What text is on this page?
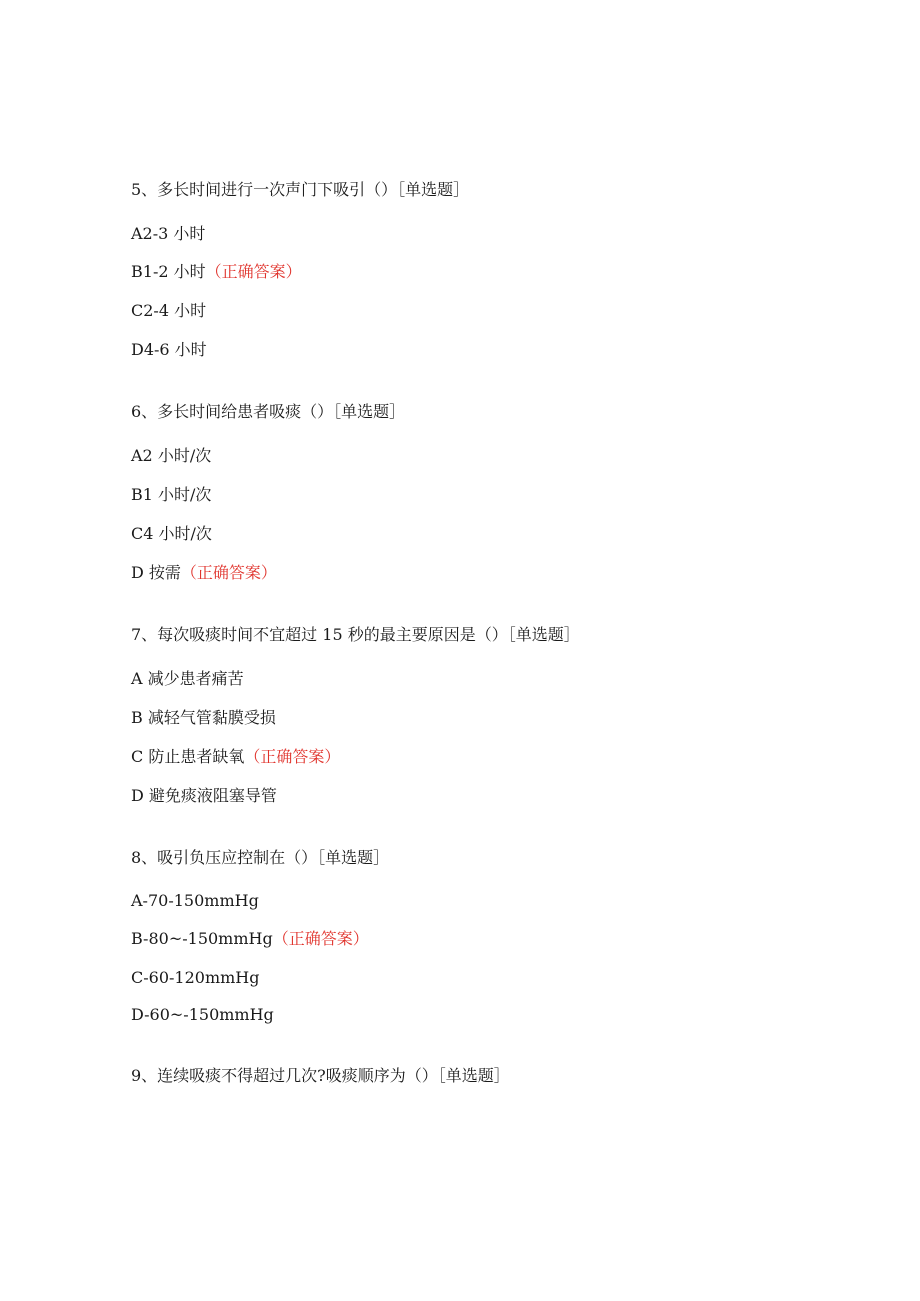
5、多长时间进行一次声门下吸引（）［单选题］
A2-3 小时
B1-2 小时（正确答案）
C2-4 小时
D4-6 小时
6、多长时间给患者吸痰（）［单选题］
A2 小时/次
B1 小时/次
C4 小时/次
D 按需（正确答案）
7、每次吸痰时间不宜超过 15 秒的最主要原因是（）［单选题］
A 减少患者痛苦
B 减轻气管黏膜受损
C 防止患者缺氧（正确答案）
D 避免痰液阻塞导管
8、吸引负压应控制在（）［单选题］
A-70-150mmHg
B-80~-150mmHg（正确答案）
C-60-120mmHg
D-60~-150mmHg
9、连续吸痰不得超过几次?吸痰顺序为（）［单选题］
